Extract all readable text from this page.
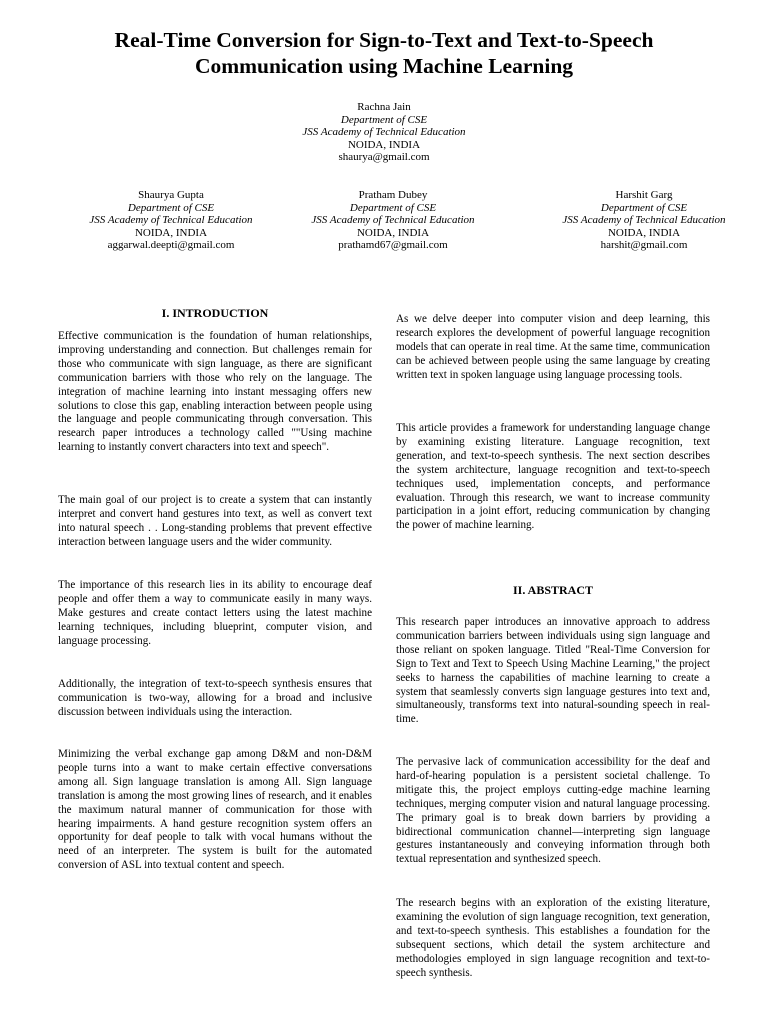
Real-Time Conversion for Sign-to-Text and Text-to-Speech
Communication using Machine Learning
Rachna Jain
Department of CSE
JSS Academy of Technical Education
NOIDA, INDIA
shaurya@gmail.com
Shaurya Gupta
Department of CSE
JSS Academy of Technical Education
NOIDA, INDIA
aggarwal.deepti@gmail.com
Pratham Dubey
Department of CSE
JSS Academy of Technical Education
NOIDA, INDIA
prathamd67@gmail.com
Harshit Garg
Department of CSE
JSS Academy of Technical Education
NOIDA, INDIA
harshit@gmail.com
I. INTRODUCTION

Effective communication is the foundation of human relationships, improving understanding and connection. But challenges remain for those who communicate with sign language, as there are significant communication barriers with those who rely on the language. The integration of machine learning into instant messaging offers new solutions to close this gap, enabling interaction between people using the language and people communicating through conversation. This research paper introduces a technology called ""Using machine learning to instantly convert characters into text and speech".

The main goal of our project is to create a system that can instantly interpret and convert hand gestures into text, as well as convert text into natural speech . . Long-standing problems that prevent effective interaction between language users and the wider community.

The importance of this research lies in its ability to encourage deaf people and offer them a way to communicate easily in many ways. Make gestures and create contact letters using the latest machine learning techniques, including blueprint, computer vision, and language processing.

Additionally, the integration of text-to-speech synthesis ensures that communication is two-way, allowing for a broad and inclusive discussion between individuals using the interaction.

Minimizing the verbal exchange gap among D&M and non-D&M people turns into a want to make certain effective conversations among all. Sign language translation is among All. Sign language translation is among the most growing lines of research, and it enables the maximum natural manner of communication for those with hearing impairments. A hand gesture recognition system offers an opportunity for deaf people to talk with vocal humans without the need of an interpreter. The system is built for the automated conversion of ASL into textual content and speech.

As we delve deeper into computer vision and deep learning, this research explores the development of powerful language recognition models that can operate in real time. At the same time, communication can be achieved between people using the same language by creating written text in spoken language using language processing tools.

This article provides a framework for understanding language change by examining existing literature. Language recognition, text generation, and text-to-speech synthesis. The next section describes the system architecture, language recognition and text-to-speech techniques used, implementation concepts, and performance evaluation. Through this research, we want to increase community participation in a joint effort, reducing communication by changing the power of machine learning.

II. ABSTRACT

This research paper introduces an innovative approach to address communication barriers between individuals using sign language and those reliant on spoken language. Titled "Real-Time Conversion for Sign to Text and Text to Speech Using Machine Learning," the project seeks to harness the capabilities of machine learning to create a system that seamlessly converts sign language gestures into text and, simultaneously, transforms text into natural-sounding speech in real-time.

The pervasive lack of communication accessibility for the deaf and hard-of-hearing population is a persistent societal challenge. To mitigate this, the project employs cutting-edge machine learning techniques, merging computer vision and natural language processing. The primary goal is to break down barriers by providing a bidirectional communication channel—interpreting sign language gestures instantaneously and conveying information through both textual representation and synthesized speech.

The research begins with an exploration of the existing literature, examining the evolution of sign language recognition, text generation, and text-to-speech synthesis. This establishes a foundation for the subsequent sections, which detail the system architecture and methodologies employed in sign language recognition and text-to-speech synthesis.
